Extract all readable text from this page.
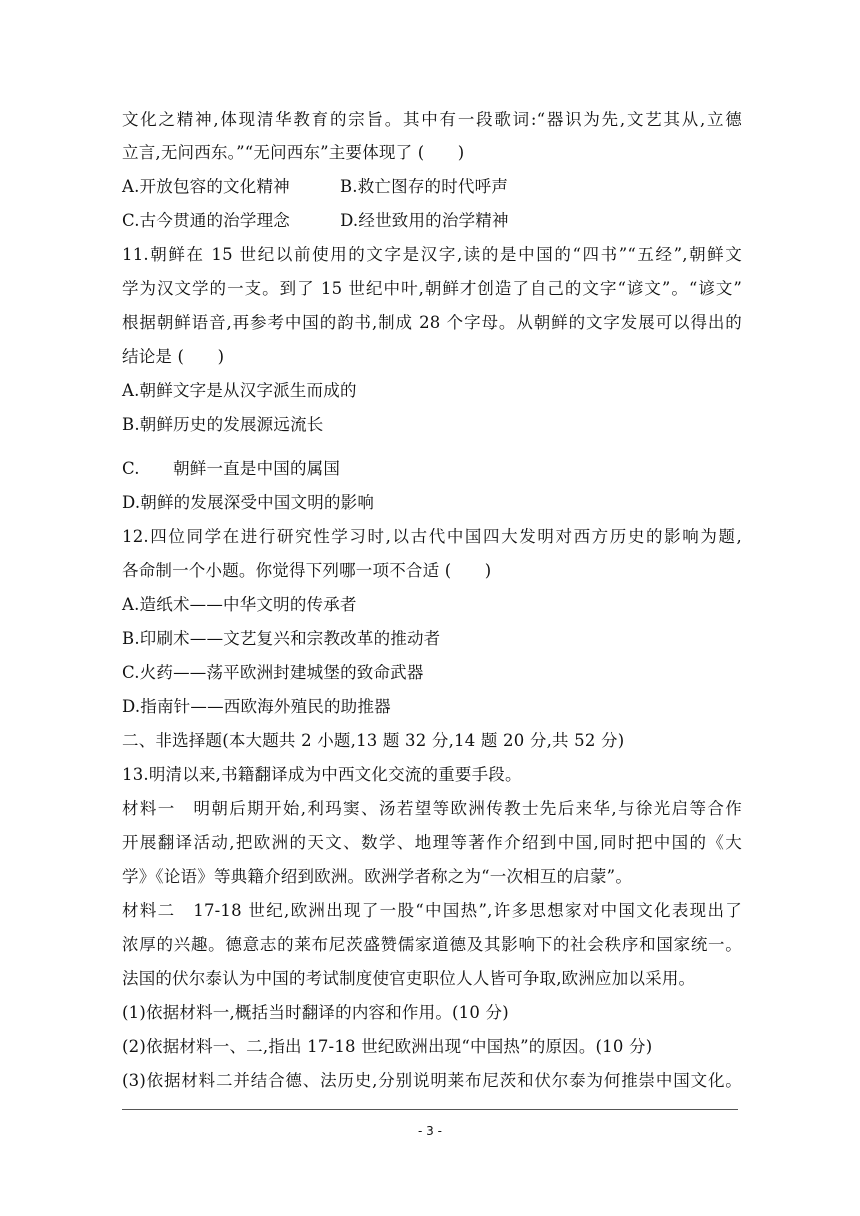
文化之精神,体现清华教育的宗旨。其中有一段歌词:“器识为先,文艺其从,立德
立言,无问西东。”“无问西东”主要体现了 (　　)
A.开放包容的文化精神　　　B.救亡图存的时代呼声
C.古今贯通的治学理念　　　D.经世致用的治学精神
11.朝鲜在 15 世纪以前使用的文字是汉字,读的是中国的“四书”“五经”,朝鲜文
学为汉文学的一支。到了 15 世纪中叶,朝鲜才创造了自己的文字“谚文”。“谚文”
根据朝鲜语音,再参考中国的韵书,制成 28 个字母。从朝鲜的文字发展可以得出的
结论是 (　　)
A.朝鲜文字是从汉字派生而成的
B.朝鲜历史的发展源远流长
C.　　朝鲜一直是中国的属国
D.朝鲜的发展深受中国文明的影响
12.四位同学在进行研究性学习时,以古代中国四大发明对西方历史的影响为题,
各命制一个小题。你觉得下列哪一项不合适 (　　)
A.造纸术——中华文明的传承者
B.印刷术——文艺复兴和宗教改革的推动者
C.火药——荡平欧洲封建城堡的致命武器
D.指南针——西欧海外殖民的助推器
二、非选择题(本大题共 2 小题,13 题 32 分,14 题 20 分,共 52 分)
13.明清以来,书籍翻译成为中西文化交流的重要手段。
材料一　明朝后期开始,利玛窦、汤若望等欧洲传教士先后来华,与徐光启等合作
开展翻译活动,把欧洲的天文、数学、地理等著作介绍到中国,同时把中国的《大
学》《论语》等典籍介绍到欧洲。欧洲学者称之为“一次相互的启蒙”。
材料二　17-18 世纪,欧洲出现了一股“中国热”,许多思想家对中国文化表现出了
浓厚的兴趣。德意志的莱布尼茨盛赞儒家道德及其影响下的社会秩序和国家统一。
法国的伏尔泰认为中国的考试制度使官吏职位人人皆可争取,欧洲应加以采用。
(1)依据材料一,概括当时翻译的内容和作用。(10 分)
(2)依据材料一、二,指出 17-18 世纪欧洲出现“中国热”的原因。(10 分)
(3)依据材料二并结合德、法历史,分别说明莱布尼茨和伏尔泰为何推崇中国文化。
- 3 -
